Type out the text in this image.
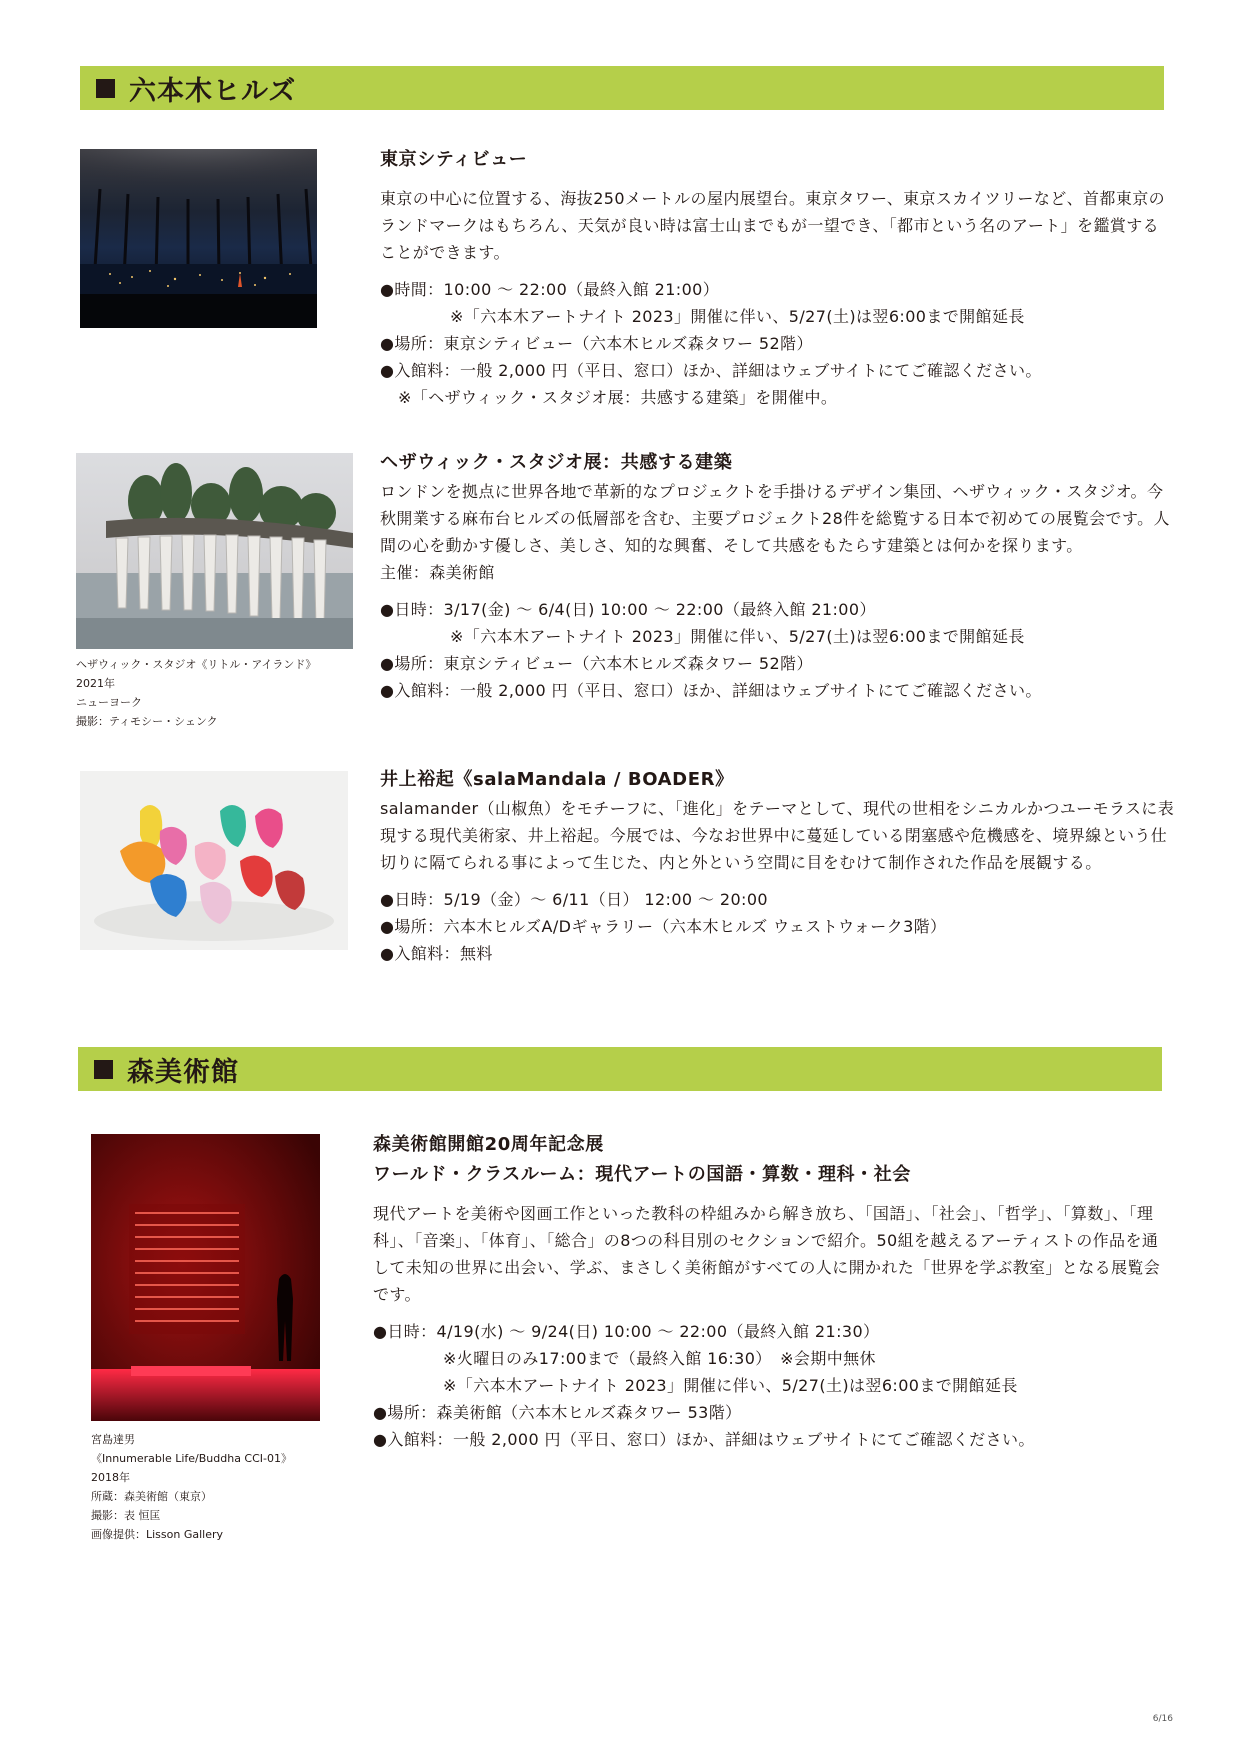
六本木ヒルズ
東京シティビュー
東京の中心に位置する、海抜250メートルの屋内展望台。東京タワー、東京スカイツリーなど、首都東京のランドマークはもちろん、天気が良い時は富士山までもが一望でき、「都市という名のアート」を鑑賞することができます。
●時間：10:00 〜 22:00（最終入館 21:00）
※「六本木アートナイト 2023」開催に伴い、5/27(土)は翌6:00まで開館延長
●場所：東京シティビュー（六本木ヒルズ森タワー 52階）
●入館料：一般 2,000 円（平日、窓口）ほか、詳細はウェブサイトにてご確認ください。
※「ヘザウィック・スタジオ展：共感する建築」を開催中。
ヘザウィック・スタジオ《リトル・アイランド》
2021年
ニューヨーク
撮影：ティモシー・シェンク
ヘザウィック・スタジオ展：共感する建築
ロンドンを拠点に世界各地で革新的なプロジェクトを手掛けるデザイン集団、ヘザウィック・スタジオ。今秋開業する麻布台ヒルズの低層部を含む、主要プロジェクト28件を総覧する日本で初めての展覧会です。人間の心を動かす優しさ、美しさ、知的な興奮、そして共感をもたらす建築とは何かを探ります。
主催：森美術館
●日時：3/17(金) 〜 6/4(日) 10:00 〜 22:00（最終入館 21:00）
※「六本木アートナイト 2023」開催に伴い、5/27(土)は翌6:00まで開館延長
●場所：東京シティビュー（六本木ヒルズ森タワー 52階）
●入館料：一般 2,000 円（平日、窓口）ほか、詳細はウェブサイトにてご確認ください。
井上裕起《salaMandala / BOADER》
salamander（山椒魚）をモチーフに、「進化」をテーマとして、現代の世相をシニカルかつユーモラスに表現する現代美術家、井上裕起。今展では、今なお世界中に蔓延している閉塞感や危機感を、境界線という仕切りに隔てられる事によって生じた、内と外という空間に目をむけて制作された作品を展観する。
●日時：5/19（金）〜 6/11（日） 12:00 〜 20:00
●場所：六本木ヒルズA/Dギャラリー（六本木ヒルズ ウェストウォーク3階）
●入館料：無料
森美術館
宮島達男
《Innumerable Life/Buddha CCI-01》
2018年
所蔵：森美術館（東京）
撮影：表 恒匡
画像提供：Lisson Gallery
森美術館開館20周年記念展
ワールド・クラスルーム：現代アートの国語・算数・理科・社会
現代アートを美術や図画工作といった教科の枠組みから解き放ち、「国語」、「社会」、「哲学」、「算数」、「理科」、「音楽」、「体育」、「総合」の8つの科目別のセクションで紹介。50組を越えるアーティストの作品を通して未知の世界に出会い、学ぶ、まさしく美術館がすべての人に開かれた「世界を学ぶ教室」となる展覧会です。
●日時：4/19(水) 〜 9/24(日) 10:00 〜 22:00（最終入館 21:30）
※火曜日のみ17:00まで（最終入館 16:30）　※会期中無休
※「六本木アートナイト 2023」開催に伴い、5/27(土)は翌6:00まで開館延長
●場所：森美術館（六本木ヒルズ森タワー 53階）
●入館料：一般 2,000 円（平日、窓口）ほか、詳細はウェブサイトにてご確認ください。
6/16
